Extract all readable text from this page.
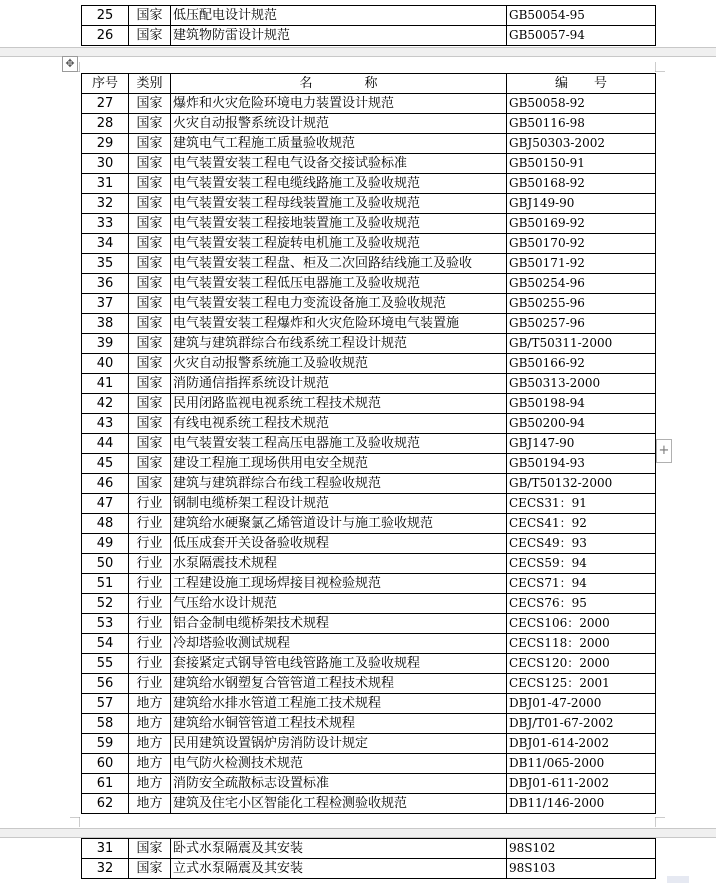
25	国家	低压配电设计规范	GB50054-95
26	国家	建筑物防雷设计规范	GB50057-94
✥
序号	类别	名　　　　称	编　　号
27	国家	爆炸和火灾危险环境电力装置设计规范	GB50058-92
28	国家	火灾自动报警系统设计规范	GB50116-98
29	国家	建筑电气工程施工质量验收规范	GBJ50303-2002
30	国家	电气装置安装工程电气设备交接试验标准	GB50150-91
31	国家	电气装置安装工程电缆线路施工及验收规范	GB50168-92
32	国家	电气装置安装工程母线装置施工及验收规范	GBJ149-90
33	国家	电气装置安装工程接地装置施工及验收规范	GB50169-92
34	国家	电气装置安装工程旋转电机施工及验收规范	GB50170-92
35	国家	电气装置安装工程盘、柜及二次回路结线施工及验收	GB50171-92
36	国家	电气装置安装工程低压电器施工及验收规范	GB50254-96
37	国家	电气装置安装工程电力变流设备施工及验收规范	GB50255-96
38	国家	电气装置安装工程爆炸和火灾危险环境电气装置施	GB50257-96
39	国家	建筑与建筑群综合布线系统工程设计规范	GB/T50311-2000
40	国家	火灾自动报警系统施工及验收规范	GB50166-92
41	国家	消防通信指挥系统设计规范	GB50313-2000
42	国家	民用闭路监视电视系统工程技术规范	GB50198-94
43	国家	有线电视系统工程技术规范	GB50200-94
44	国家	电气装置安装工程高压电器施工及验收规范	GBJ147-90
45	国家	建设工程施工现场供用电安全规范	GB50194-93
46	国家	建筑与建筑群综合布线工程验收规范	GB/T50132-2000
47	行业	钢制电缆桥架工程设计规范	CECS31：91
48	行业	建筑给水硬聚氯乙烯管道设计与施工验收规范	CECS41：92
49	行业	低压成套开关设备验收规程	CECS49：93
50	行业	水泵隔震技术规程	CECS59：94
51	行业	工程建设施工现场焊接目视检验规范	CECS71：94
52	行业	气压给水设计规范	CECS76：95
53	行业	铝合金制电缆桥架技术规程	CECS106：2000
54	行业	冷却塔验收测试规程	CECS118：2000
55	行业	套接紧定式钢导管电线管路施工及验收规程	CECS120：2000
56	行业	建筑给水钢塑复合管管道工程技术规程	CECS125：2001
57	地方	建筑给水排水管道工程施工技术规程	DBJ01-47-2000
58	地方	建筑给水铜管管道工程技术规程	DBJ/T01-67-2002
59	地方	民用建筑设置锅炉房消防设计规定	DBJ01-614-2002
60	地方	电气防火检测技术规范	DB11/065-2000
61	地方	消防安全疏散标志设置标准	DBJ01-611-2002
62	地方	建筑及住宅小区智能化工程检测验收规范	DB11/146-2000
+
31	国家	卧式水泵隔震及其安装	98S102
32	国家	立式水泵隔震及其安装	98S103
